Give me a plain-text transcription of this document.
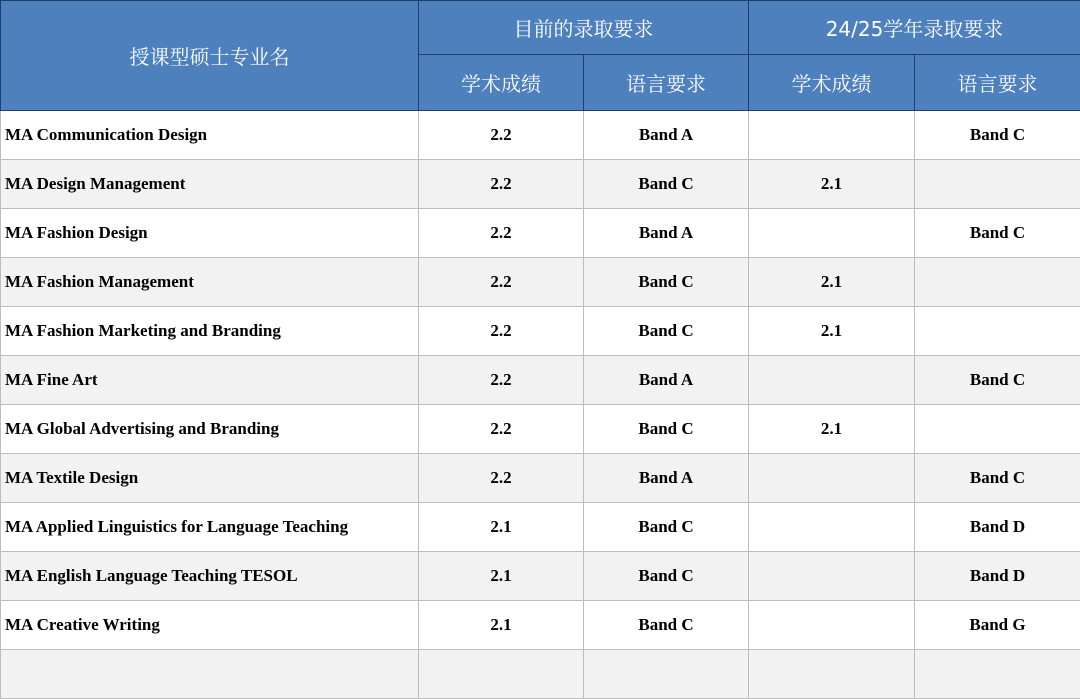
授课型硕士专业名	目前的录取要求		24/25学年录取要求	
	学术成绩	语言要求	学术成绩	语言要求
MA Communication Design	2.2	Band A		Band C
MA Design Management	2.2	Band C	2.1	
MA Fashion Design	2.2	Band A		Band C
MA Fashion Management	2.2	Band C	2.1	
MA Fashion Marketing and Branding	2.2	Band C	2.1	
MA Fine Art	2.2	Band A		Band C
MA Global Advertising and Branding	2.2	Band C	2.1	
MA Textile Design	2.2	Band A		Band C
MA Applied Linguistics for Language Teaching	2.1	Band C		Band D
MA English Language Teaching TESOL	2.1	Band C		Band D
MA Creative Writing	2.1	Band C		Band G
